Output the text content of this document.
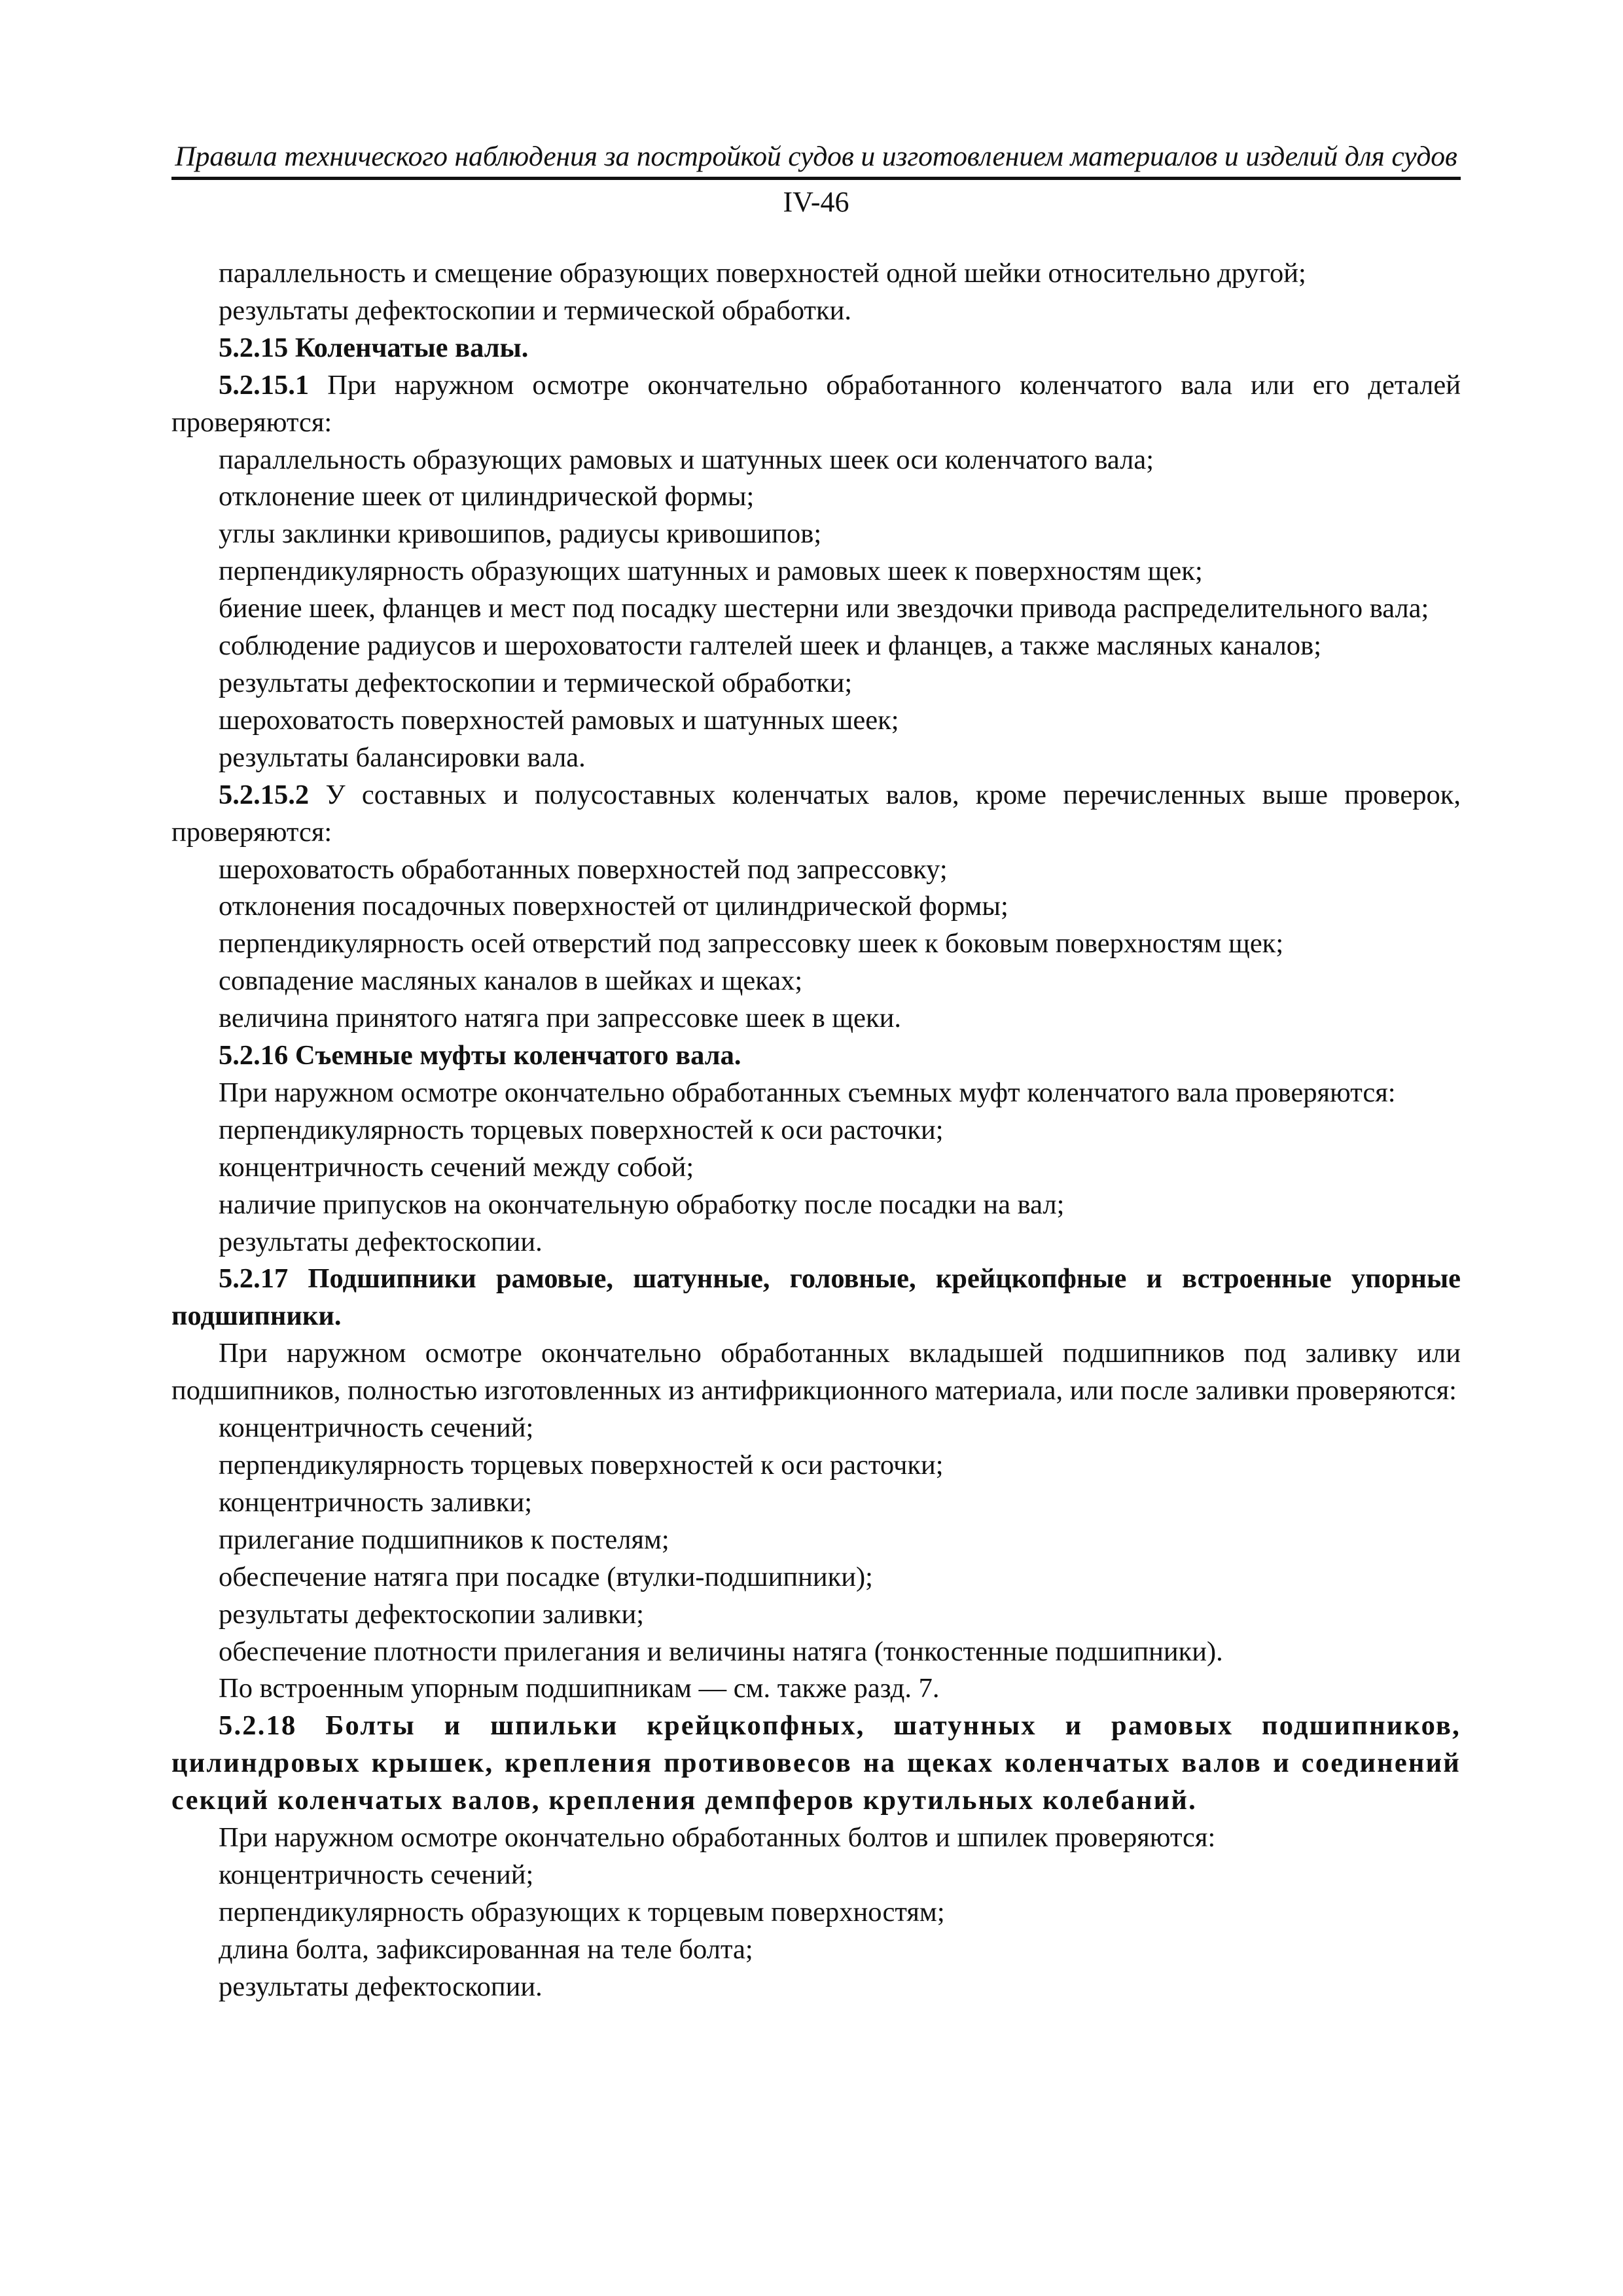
Правила технического наблюдения за постройкой судов и изготовлением материалов и изделий для судов
IV-46

параллельность и смещение образующих поверхностей одной шейки относительно другой;

результаты дефектоскопии и термической обработки.

5.2.15 Коленчатые валы.

5.2.15.1 При наружном осмотре окончательно обработанного коленчатого вала или его деталей проверяются:

параллельность образующих рамовых и шатунных шеек оси коленчатого вала;

отклонение шеек от цилиндрической формы;

углы заклинки кривошипов, радиусы кривошипов;

перпендикулярность образующих шатунных и рамовых шеек к поверхностям щек;

биение шеек, фланцев и мест под посадку шестерни или звездочки привода распределительного вала;

соблюдение радиусов и шероховатости галтелей шеек и фланцев, а также масляных каналов;

результаты дефектоскопии и термической обработки;

шероховатость поверхностей рамовых и шатунных шеек;

результаты балансировки вала.

5.2.15.2 У составных и полусоставных коленчатых валов, кроме перечисленных выше проверок, проверяются:

шероховатость обработанных поверхностей под запрессовку;

отклонения посадочных поверхностей от цилиндрической формы;

перпендикулярность осей отверстий под запрессовку шеек к боковым поверхностям щек;

совпадение масляных каналов в шейках и щеках;

величина принятого натяга при запрессовке шеек в щеки.

5.2.16 Съемные муфты коленчатого вала.

При наружном осмотре окончательно обработанных съемных муфт коленчатого вала проверяются:

перпендикулярность торцевых поверхностей к оси расточки;

концентричность сечений между собой;

наличие припусков на окончательную обработку после посадки на вал;

результаты дефектоскопии.

5.2.17 Подшипники рамовые, шатунные, головные, крейцкопфные и встроенные упорные подшипники.

При наружном осмотре окончательно обработанных вкладышей подшипников под заливку или подшипников, полностью изготовленных из антифрикционного материала, или после заливки проверяются:

концентричность сечений;

перпендикулярность торцевых поверхностей к оси расточки;

концентричность заливки;

прилегание подшипников к постелям;

обеспечение натяга при посадке (втулки-подшипники);

результаты дефектоскопии заливки;

обеспечение плотности прилегания и величины натяга (тонкостенные подшипники).

По встроенным упорным подшипникам — см. также разд. 7.

5.2.18 Болты и шпильки крейцкопфных, шатунных и рамовых подшипников, цилиндровых крышек, крепления противовесов на щеках коленчатых валов и соединений секций коленчатых валов, крепления демпферов крутильных колебаний.

При наружном осмотре окончательно обработанных болтов и шпилек проверяются:

концентричность сечений;

перпендикулярность образующих к торцевым поверхностям;

длина болта, зафиксированная на теле болта;

результаты дефектоскопии.
